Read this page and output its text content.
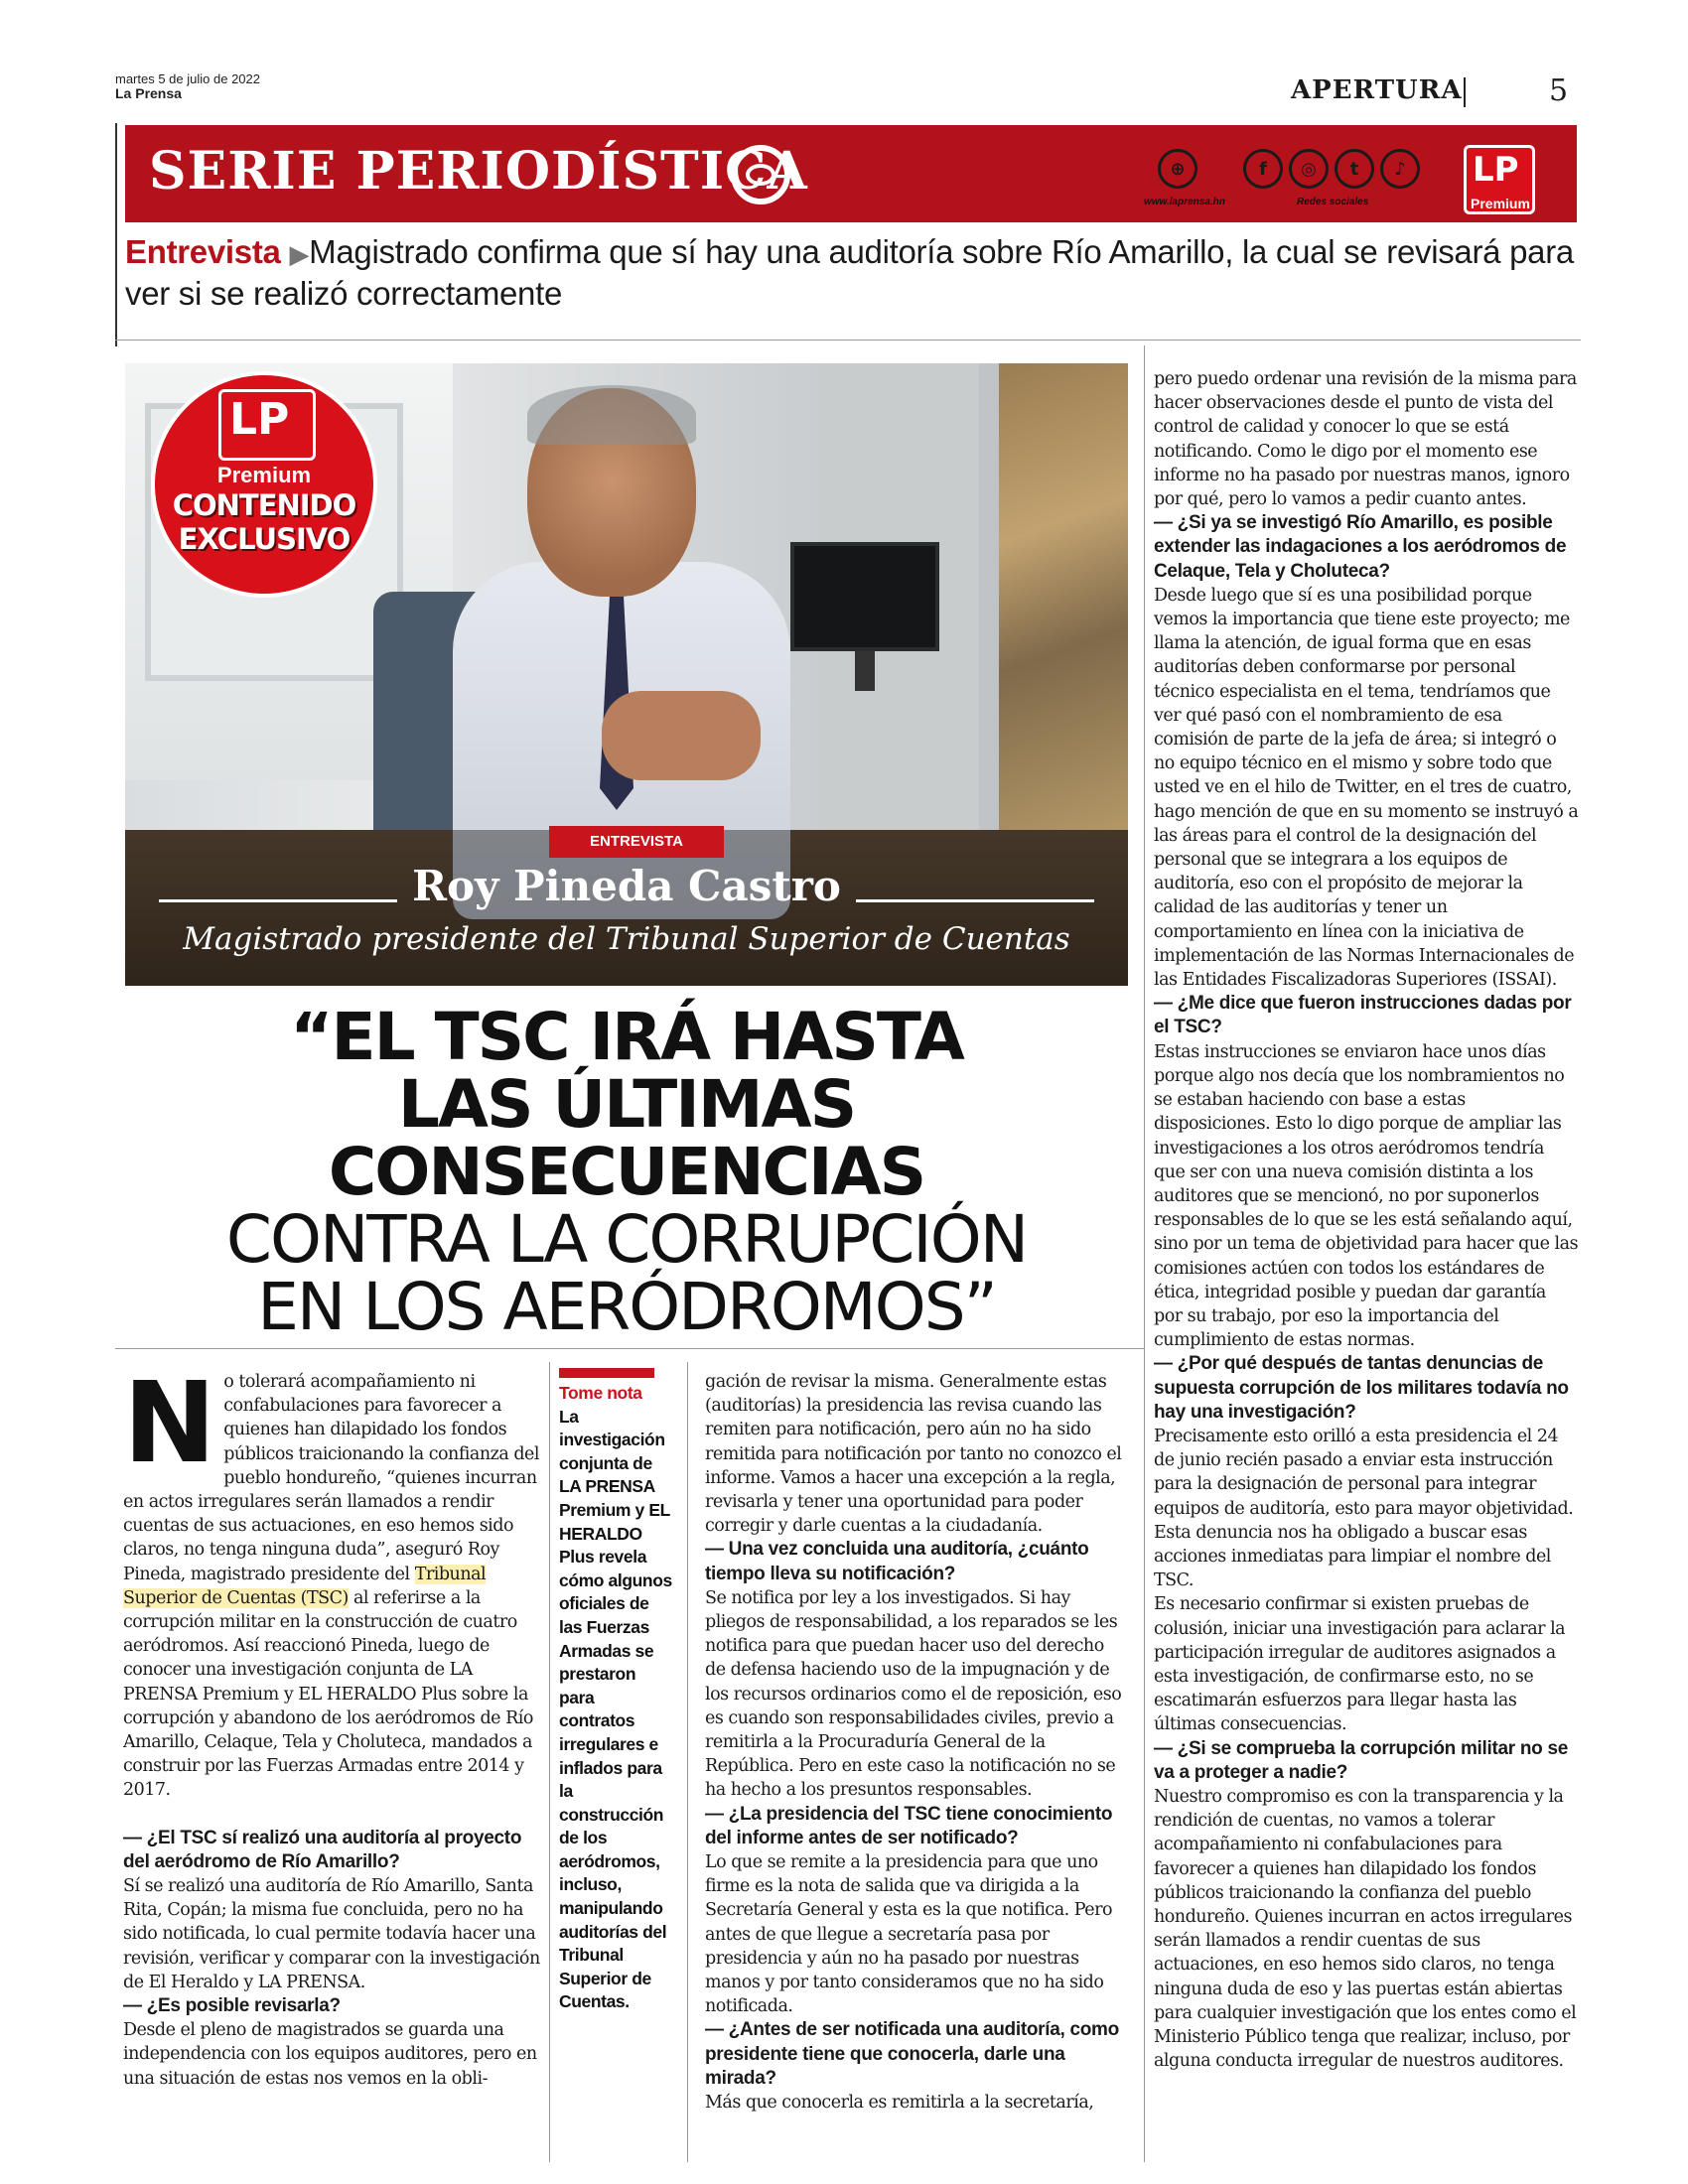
martes 5 de julio de 2022
La Prensa	APERTURA	5
SERIE PERIODÍSTICA	⊕
www.laprensa.hn
f	◎	t	♪
Redes sociales
LP
Premium
Entrevista ▶Magistrado confirma que sí hay una auditoría sobre Río Amarillo, la cual se revisará para ver si se realizó correctamente
LP
Premium
CONTENIDO
EXCLUSIVO
ENTREVISTA
Roy Pineda Castro
Magistrado presidente del Tribunal Superior de Cuentas
“EL TSC IRÁ HASTA
LAS ÚLTIMAS
CONSECUENCIAS
CONTRA LA CORRUPCIÓN
EN LOS AERÓDROMOS”
N o tolerará acompañamiento ni confabulaciones para favorecer a quienes han dilapidado los fondos públicos traicionando la confianza del pueblo hondureño, “quienes incurran en actos irregulares serán llamados a rendir cuentas de sus actuaciones, en eso hemos sido claros, no tenga ninguna duda”, aseguró Roy Pineda, magistrado presidente del Tribunal Superior de Cuentas (TSC) al referirse a la corrupción militar en la construcción de cuatro aeródromos. Así reaccionó Pineda, luego de conocer una investigación conjunta de LA PRENSA Premium y EL HERALDO Plus sobre la corrupción y abandono de los aeródromos de Río Amarillo, Celaque, Tela y Choluteca, mandados a construir por las Fuerzas Armadas entre 2014 y 2017.

— ¿El TSC sí realizó una auditoría al proyecto del aeródromo de Río Amarillo?

Sí se realizó una auditoría de Río Amarillo, Santa Rita, Copán; la misma fue concluida, pero no ha sido notificada, lo cual permite todavía hacer una revisión, verificar y comparar con la investigación de El Heraldo y LA PRENSA.

— ¿Es posible revisarla?

Desde el pleno de magistrados se guarda una independencia con los equipos auditores, pero en una situación de estas nos vemos en la obli-

Tome nota
La investigación conjunta de LA PRENSA Premium y EL HERALDO Plus revela cómo algunos oficiales de las Fuerzas Armadas se prestaron para contratos irregulares e inflados para la construcción de los aeródromos, incluso, manipulando auditorías del Tribunal Superior de Cuentas.

gación de revisar la misma. Generalmente estas (auditorías) la presidencia las revisa cuando las remiten para notificación, pero aún no ha sido remitida para notificación por tanto no conozco el informe. Vamos a hacer una excepción a la regla, revisarla y tener una oportunidad para poder corregir y darle cuentas a la ciudadanía.

— Una vez concluida una auditoría, ¿cuánto tiempo lleva su notificación?

Se notifica por ley a los investigados. Si hay pliegos de responsabilidad, a los reparados se les notifica para que puedan hacer uso del derecho de defensa haciendo uso de la impugnación y de los recursos ordinarios como el de reposición, eso es cuando son responsabilidades civiles, previo a remitirla a la Procuraduría General de la República. Pero en este caso la notificación no se ha hecho a los presuntos responsables.

— ¿La presidencia del TSC tiene conocimiento del informe antes de ser notificado?

Lo que se remite a la presidencia para que uno firme es la nota de salida que va dirigida a la Secretaría General y esta es la que notifica. Pero antes de que llegue a secretaría pasa por presidencia y aún no ha pasado por nuestras manos y por tanto consideramos que no ha sido notificada.

— ¿Antes de ser notificada una auditoría, como presidente tiene que conocerla, darle una mirada?

Más que conocerla es remitirla a la secretaría,

pero puedo ordenar una revisión de la misma para hacer observaciones desde el punto de vista del control de calidad y conocer lo que se está notificando. Como le digo por el momento ese informe no ha pasado por nuestras manos, ignoro por qué, pero lo vamos a pedir cuanto antes.

— ¿Si ya se investigó Río Amarillo, es posible extender las indagaciones a los aeródromos de Celaque, Tela y Choluteca?

Desde luego que sí es una posibilidad porque vemos la importancia que tiene este proyecto; me llama la atención, de igual forma que en esas auditorías deben conformarse por personal técnico especialista en el tema, tendríamos que ver qué pasó con el nombramiento de esa comisión de parte de la jefa de área; si integró o no equipo técnico en el mismo y sobre todo que usted ve en el hilo de Twitter, en el tres de cuatro, hago mención de que en su momento se instruyó a las áreas para el control de la designación del personal que se integrara a los equipos de auditoría, eso con el propósito de mejorar la calidad de las auditorías y tener un comportamiento en línea con la iniciativa de implementación de las Normas Internacionales de las Entidades Fiscalizadoras Superiores (ISSAI).

— ¿Me dice que fueron instrucciones dadas por el TSC?

Estas instrucciones se enviaron hace unos días porque algo nos decía que los nombramientos no se estaban haciendo con base a estas disposiciones. Esto lo digo porque de ampliar las investigaciones a los otros aeródromos tendría que ser con una nueva comisión distinta a los auditores que se mencionó, no por suponerlos responsables de lo que se les está señalando aquí, sino por un tema de objetividad para hacer que las comisiones actúen con todos los estándares de ética, integridad posible y puedan dar garantía por su trabajo, por eso la importancia del cumplimiento de estas normas.

— ¿Por qué después de tantas denuncias de supuesta corrupción de los militares todavía no hay una investigación?

Precisamente esto orilló a esta presidencia el 24 de junio recién pasado a enviar esta instrucción para la designación de personal para integrar equipos de auditoría, esto para mayor objetividad. Esta denuncia nos ha obligado a buscar esas acciones inmediatas para limpiar el nombre del TSC.

Es necesario confirmar si existen pruebas de colusión, iniciar una investigación para aclarar la participación irregular de auditores asignados a esta investigación, de confirmarse esto, no se escatimarán esfuerzos para llegar hasta las últimas consecuencias.

— ¿Si se comprueba la corrupción militar no se va a proteger a nadie?

Nuestro compromiso es con la transparencia y la rendición de cuentas, no vamos a tolerar acompañamiento ni confabulaciones para favorecer a quienes han dilapidado los fondos públicos traicionando la confianza del pueblo hondureño. Quienes incurran en actos irregulares serán llamados a rendir cuentas de sus actuaciones, en eso hemos sido claros, no tenga ninguna duda de eso y las puertas están abiertas para cualquier investigación que los entes como el Ministerio Público tenga que realizar, incluso, por alguna conducta irregular de nuestros auditores.
